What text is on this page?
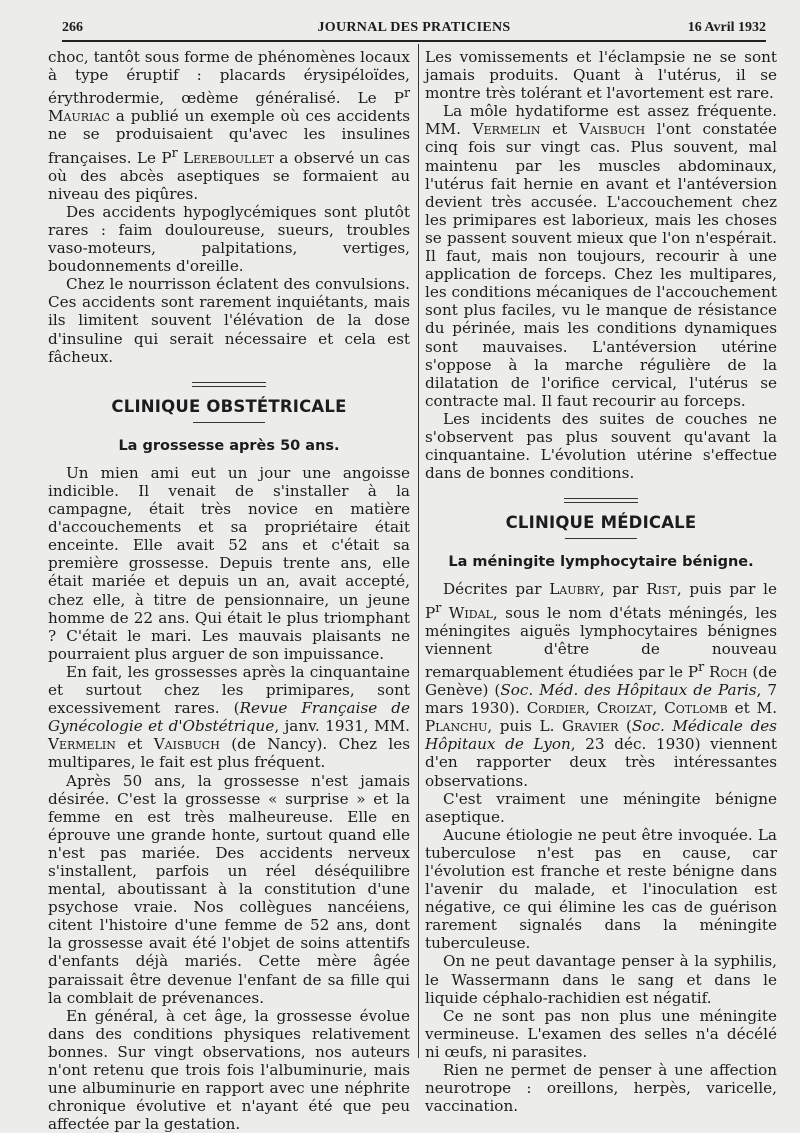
266	JOURNAL DES PRATICIENS	16 Avril 1932

choc, tantôt sous forme de phénomènes locaux à type éruptif : placards érysipéloïdes, érythrodermie, œdème généralisé. Le $P^r$ Mauriac a publié un exemple où ces accidents ne se produisaient qu'avec les insulines françaises. Le $P^r$ Lereboullet a observé un cas où des abcès aseptiques se formaient au niveau des piqûres.

Des accidents hypoglycémiques sont plutôt rares : faim douloureuse, sueurs, troubles vaso-moteurs, palpitations, vertiges, boudonnements d'oreille.

Chez le nourrisson éclatent des convulsions. Ces accidents sont rarement inquiétants, mais ils limitent souvent l'élévation de la dose d'insuline qui serait nécessaire et cela est fâcheux.

CLINIQUE OBSTÉTRICALE
La grossesse après 50 ans.

Un mien ami eut un jour une angoisse indicible. Il venait de s'installer à la campagne, était très novice en matière d'accouchements et sa propriétaire était enceinte. Elle avait 52 ans et c'était sa première grossesse. Depuis trente ans, elle était mariée et depuis un an, avait accepté, chez elle, à titre de pensionnaire, un jeune homme de 22 ans. Qui était le plus triomphant ? C'était le mari. Les mauvais plaisants ne pourraient plus arguer de son impuissance.

En fait, les grossesses après la cinquantaine et surtout chez les primipares, sont excessivement rares. (Revue Française de Gynécologie et d'Obstétrique, janv. 1931, MM. Vermelin et Vaisbuch (de Nancy). Chez les multipares, le fait est plus fréquent.

Après 50 ans, la grossesse n'est jamais désirée. C'est la grossesse « surprise » et la femme en est très malheureuse. Elle en éprouve une grande honte, surtout quand elle n'est pas mariée. Des accidents nerveux s'installent, parfois un réel déséquilibre mental, aboutissant à la constitution d'une psychose vraie. Nos collègues nancéiens, citent l'histoire d'une femme de 52 ans, dont la grossesse avait été l'objet de soins attentifs d'enfants déjà mariés. Cette mère âgée paraissait être devenue l'enfant de sa fille qui la comblait de prévenances.

En général, à cet âge, la grossesse évolue dans des conditions physiques relativement bonnes. Sur vingt observations, nos auteurs n'ont retenu que trois fois l'albuminurie, mais une albuminurie en rapport avec une néphrite chronique évolutive et n'ayant été que peu affectée par la gestation.

Les vomissements et l'éclampsie ne se sont jamais produits. Quant à l'utérus, il se montre très tolérant et l'avortement est rare.

La môle hydatiforme est assez fréquente. MM. Vermelin et Vaisbuch l'ont constatée cinq fois sur vingt cas. Plus souvent, mal maintenu par les muscles abdominaux, l'utérus fait hernie en avant et l'antéversion devient très accusée. L'accouchement chez les primipares est laborieux, mais les choses se passent souvent mieux que l'on n'espérait. Il faut, mais non toujours, recourir à une application de forceps. Chez les multipares, les conditions mécaniques de l'accouchement sont plus faciles, vu le manque de résistance du périnée, mais les conditions dynamiques sont mauvaises. L'antéversion utérine s'oppose à la marche régulière de la dilatation de l'orifice cervical, l'utérus se contracte mal. Il faut recourir au forceps.

Les incidents des suites de couches ne s'observent pas plus souvent qu'avant la cinquantaine. L'évolution utérine s'effectue dans de bonnes conditions.

CLINIQUE MÉDICALE
La méningite lymphocytaire bénigne.

Décrites par Laubry, par Rist, puis par le $P^r$ Widal, sous le nom d'états méningés, les méningites aiguës lymphocytaires bénignes viennent d'être de nouveau remarquablement étudiées par le $P^r$ Roch (de Genève) (Soc. Méd. des Hôpitaux de Paris, 7 mars 1930). Cordier, Croizat, Cotlomb et M. Planchu, puis L. Gravier (Soc. Médicale des Hôpitaux de Lyon, 23 déc. 1930) viennent d'en rapporter deux très intéressantes observations.

C'est vraiment une méningite bénigne aseptique.

Aucune étiologie ne peut être invoquée. La tuberculose n'est pas en cause, car l'évolution est franche et reste bénigne dans l'avenir du malade, et l'inoculation est négative, ce qui élimine les cas de guérison rarement signalés dans la méningite tuberculeuse.

On ne peut davantage penser à la syphilis, le Wassermann dans le sang et dans le liquide céphalo-rachidien est négatif.

Ce ne sont pas non plus une méningite vermineuse. L'examen des selles n'a décélé ni œufs, ni parasites.

Rien ne permet de penser à une affection neurotrope : oreillons, herpès, varicelle, vaccination.
